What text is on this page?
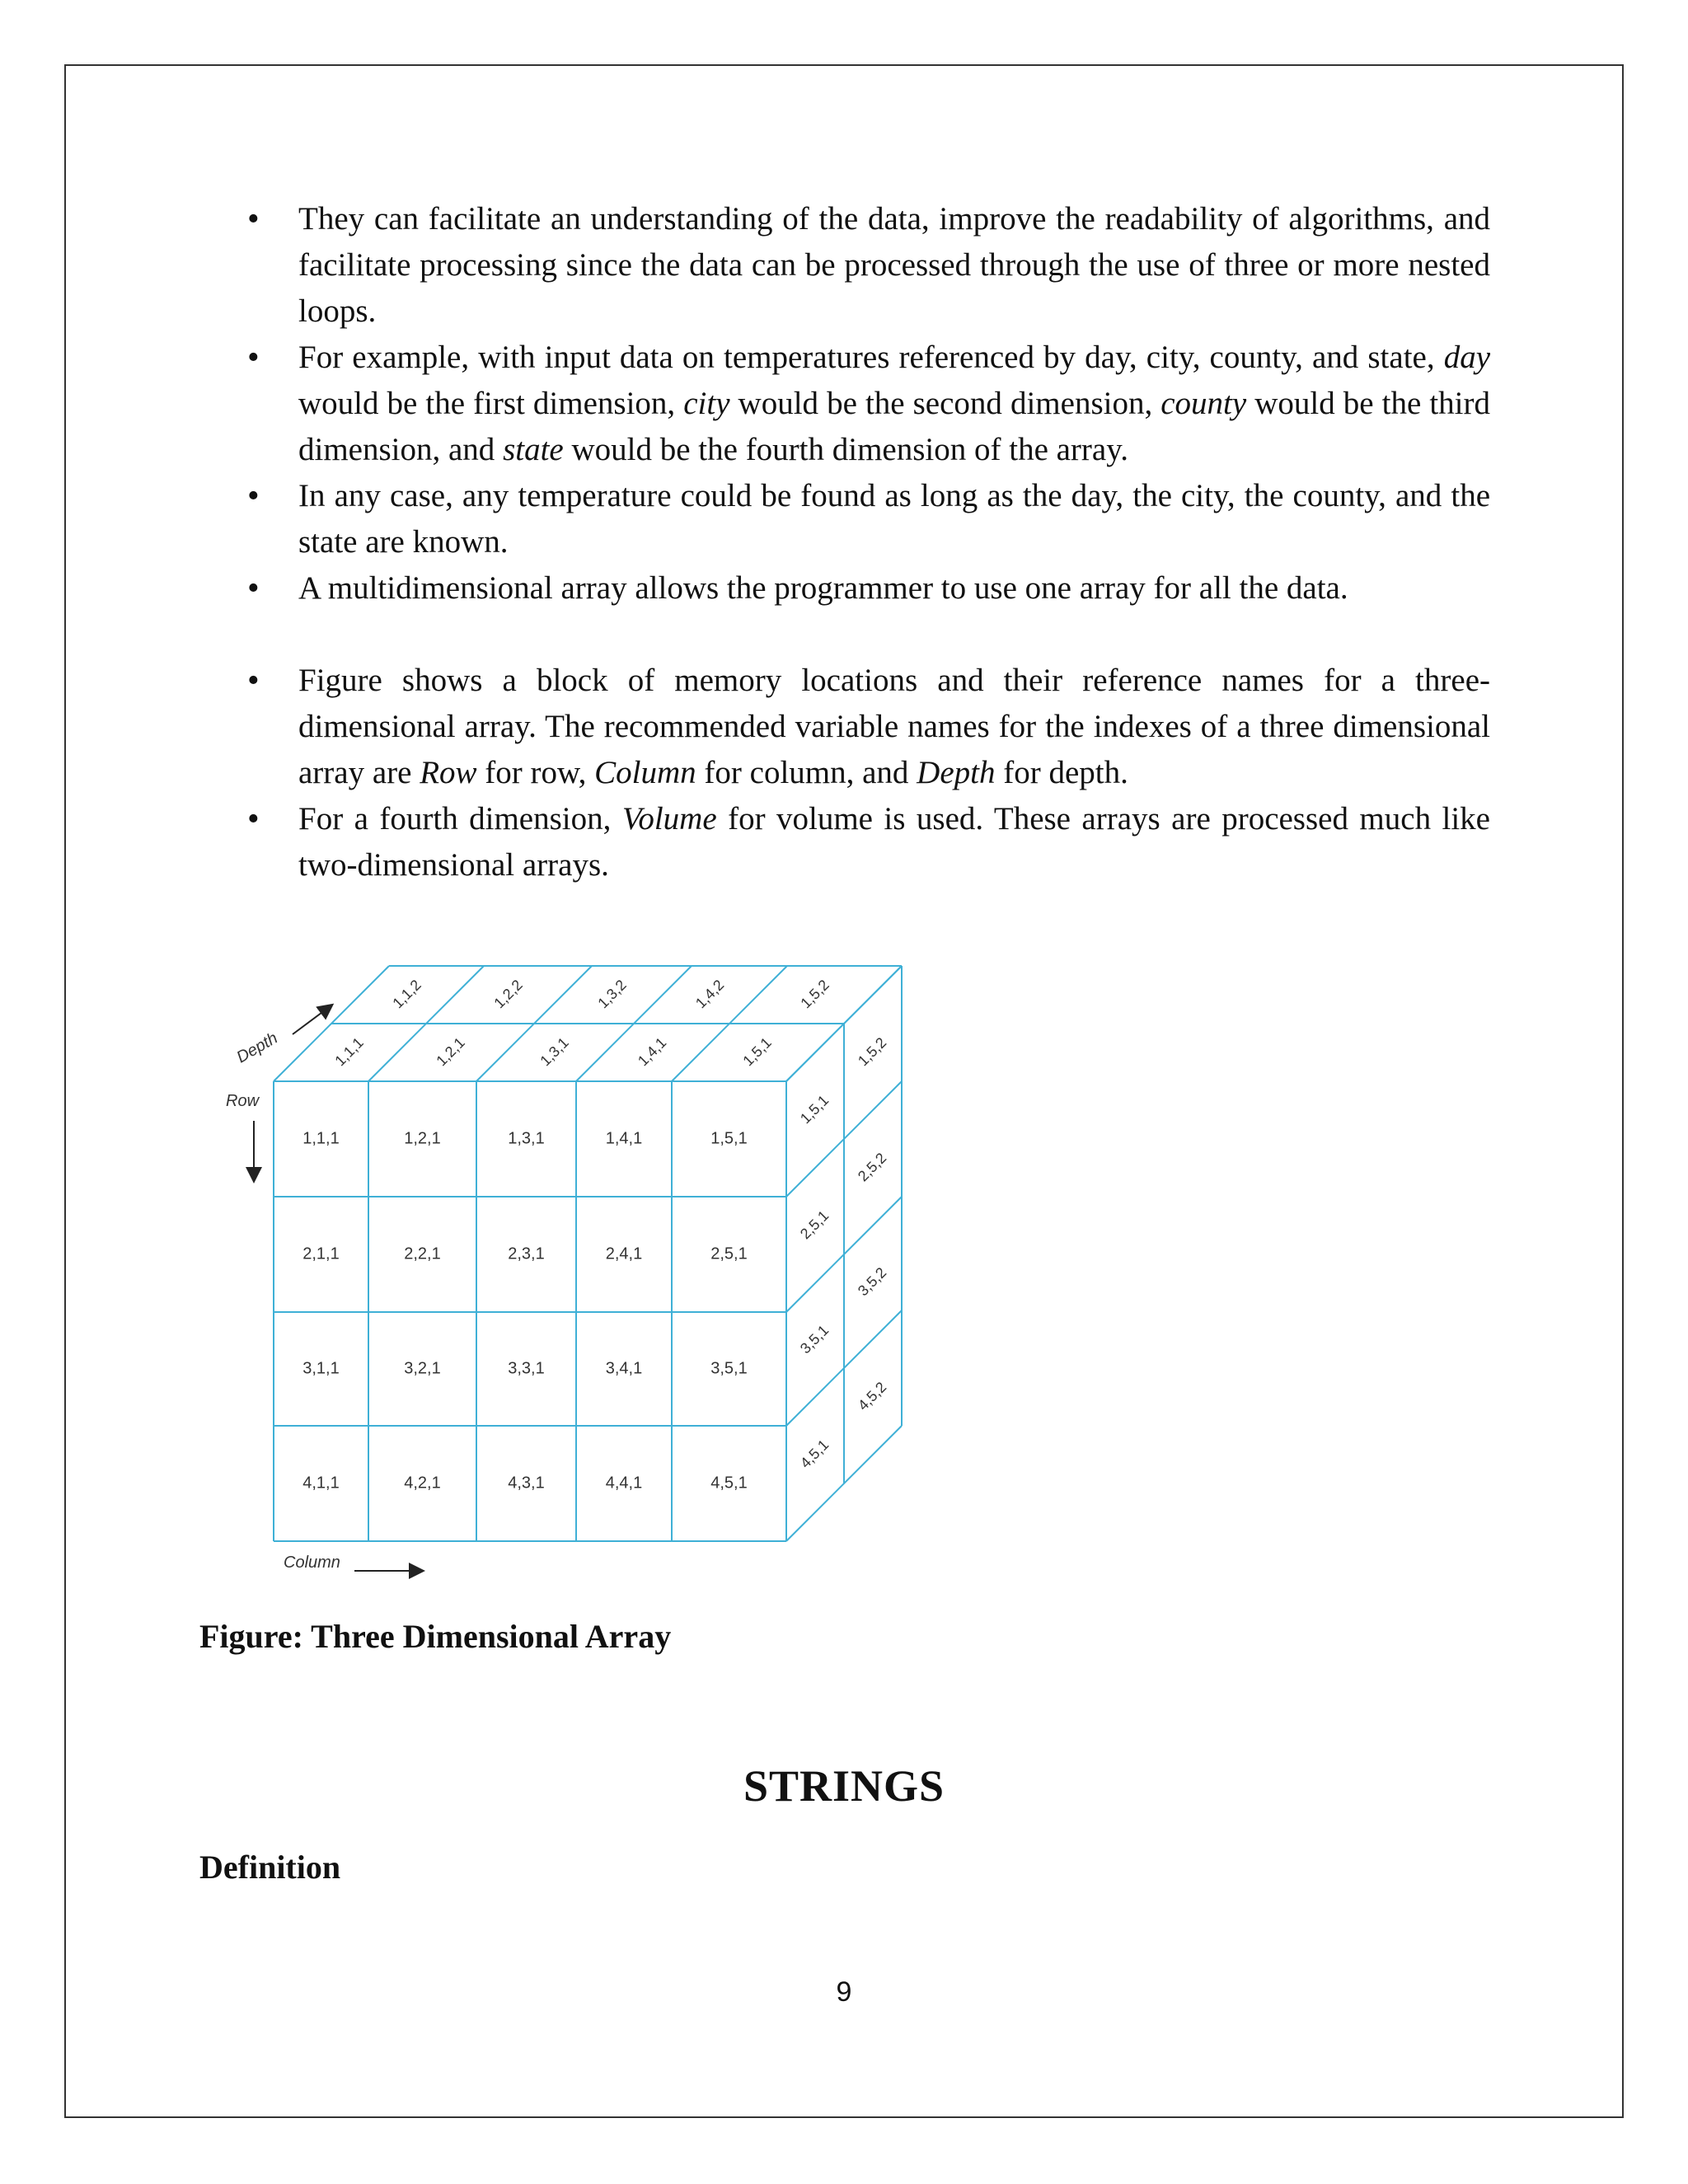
• They can facilitate an understanding of the data, improve the readability of algorithms, and facilitate processing since the data can be processed through the use of three or more nested loops.
• For example, with input data on temperatures referenced by day, city, county, and state, day would be the first dimension, city would be the second dimension, county would be the third dimension, and state would be the fourth dimension of the array.
• In any case, any temperature could be found as long as the day, the city, the county, and the state are known.
• A multidimensional array allows the programmer to use one array for all the data.
• Figure shows a block of memory locations and their reference names for a three-dimensional array. The recommended variable names for the indexes of a three dimensional array are Row for row, Column for column, and Depth for depth.
• For a fourth dimension, Volume for volume is used. These arrays are processed much like two-dimensional arrays.
1,1,1	1,2,1	1,3,1	1,4,1	1,5,1
2,1,1	2,2,1	2,3,1	2,4,1	2,5,1
3,1,1	3,2,1	3,3,1	3,4,1	3,5,1
4,1,1	4,2,1	4,3,1	4,4,1	4,5,1
1,1,1	1,2,1	1,3,1	1,4,1	1,5,1
1,1,2	1,2,2	1,3,2	1,4,2	1,5,2
1,5,1
2,5,1
3,5,1
4,5,1
1,5,2
2,5,2
3,5,2
4,5,2
Depth
Row
Column
Figure: Three Dimensional Array
STRINGS
Definition
9
